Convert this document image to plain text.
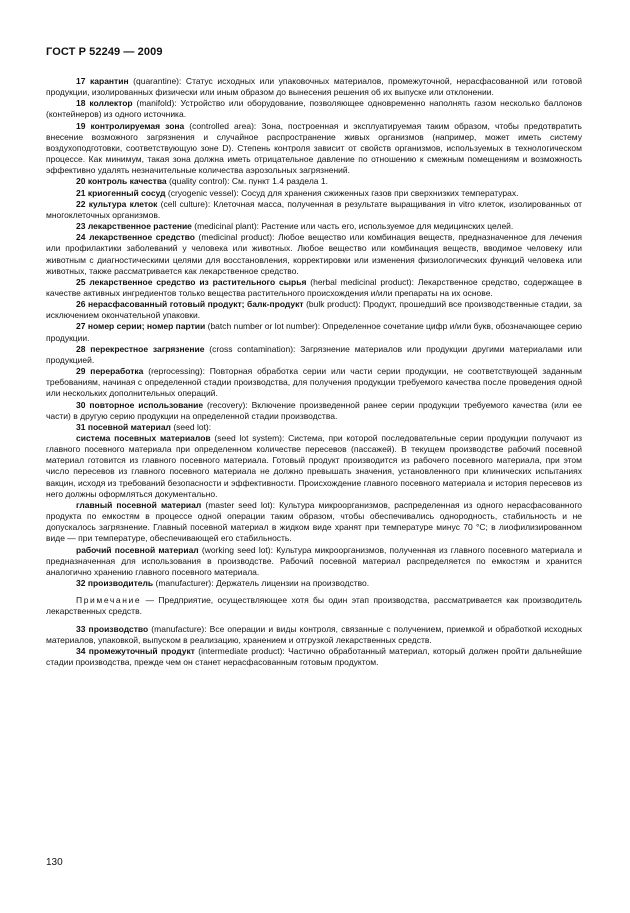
ГОСТ Р 52249 — 2009

17 карантин (quarantine): Статус исходных или упаковочных материалов, промежуточной, нерасфасованной или готовой продукции, изолированных физически или иным образом до вынесения решения об их выпуске или отклонении.

18 коллектор (manifold): Устройство или оборудование, позволяющее одновременно наполнять газом несколько баллонов (контейнеров) из одного источника.

19 контролируемая зона (controlled area): Зона, построенная и эксплуатируемая таким образом, чтобы предотвратить внесение возможного загрязнения и случайное распространение живых организмов (например, может иметь систему воздухоподготовки, соответствующую зоне D). Степень контроля зависит от свойств организмов, используемых в технологическом процессе. Как минимум, такая зона должна иметь отрицательное давление по отношению к смежным помещениям и возможность эффективно удалять незначительные количества аэрозольных загрязнений.

20 контроль качества (quality control): См. пункт 1.4 раздела 1.

21 криогенный сосуд (cryogenic vessel): Сосуд для хранения сжиженных газов при сверхнизких температурах.

22 культура клеток (cell culture): Клеточная масса, полученная в результате выращивания in vitro клеток, изолированных от многоклеточных организмов.

23 лекарственное растение (medicinal plant): Растение или часть его, используемое для медицинских целей.

24 лекарственное средство (medicinal product): Любое вещество или комбинация веществ, предназначенное для лечения или профилактики заболеваний у человека или животных. Любое вещество или комбинация веществ, вводимое человеку или животным с диагностическими целями для восстановления, корректировки или изменения физиологических функций человека или животных, также рассматривается как лекарственное средство.

25 лекарственное средство из растительного сырья (herbal medicinal product): Лекарственное средство, содержащее в качестве активных ингредиентов только вещества растительного происхождения и/или препараты на их основе.

26 нерасфасованный готовый продукт; балк-продукт (bulk product): Продукт, прошедший все производственные стадии, за исключением окончательной упаковки.

27 номер серии; номер партии (batch number or lot number): Определенное сочетание цифр и/или букв, обозначающее серию продукции.

28 перекрестное загрязнение (cross contamination): Загрязнение материалов или продукции другими материалами или продукцией.

29 переработка (reprocessing): Повторная обработка серии или части серии продукции, не соответствующей заданным требованиям, начиная с определенной стадии производства, для получения продукции требуемого качества после проведения одной или нескольких дополнительных операций.

30 повторное использование (recovery): Включение произведенной ранее серии продукции требуемого качества (или ее части) в другую серию продукции на определенной стадии производства.

31 посевной материал (seed lot):

система посевных материалов (seed lot system): Система, при которой последовательные серии продукции получают из главного посевного материала при определенном количестве пересевов (пассажей). В текущем производстве рабочий посевной материал готовится из главного посевного материала. Готовый продукт производится из рабочего посевного материала, при этом число пересевов из главного посевного материала не должно превышать значения, установленного при клинических испытаниях вакцин, исходя из требований безопасности и эффективности. Происхождение главного посевного материала и история пересевов из него должны оформляться документально.

главный посевной материал (master seed lot): Культура микроорганизмов, распределенная из одного нерасфасованного продукта по емкостям в процессе одной операции таким образом, чтобы обеспечивались однородность, стабильность и не допускалось загрязнение. Главный посевной материал в жидком виде хранят при температуре минус 70 °С; в лиофилизированном виде — при температуре, обеспечивающей его стабильность.

рабочий посевной материал (working seed lot): Культура микроорганизмов, полученная из главного посевного материала и предназначенная для использования в производстве. Рабочий посевной материал распределяется по емкостям и хранится аналогично хранению главного посевного материала.

32 производитель (manufacturer): Держатель лицензии на производство.

Примечание — Предприятие, осуществляющее хотя бы один этап производства, рассматривается как производитель лекарственных средств.

33 производство (manufacture): Все операции и виды контроля, связанные с получением, приемкой и обработкой исходных материалов, упаковкой, выпуском в реализацию, хранением и отгрузкой лекарственных средств.

34 промежуточный продукт (intermediate product): Частично обработанный материал, который должен пройти дальнейшие стадии производства, прежде чем он станет нерасфасованным готовым продуктом.

130
